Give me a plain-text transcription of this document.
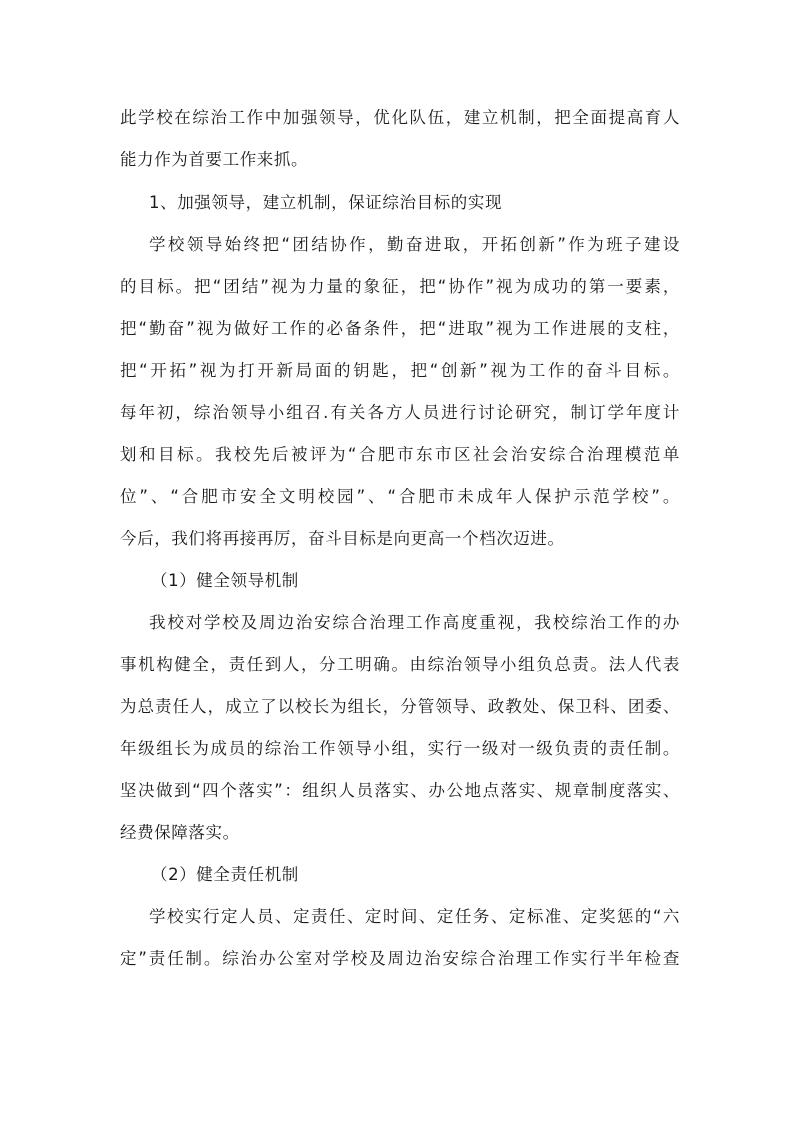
此学校在综治工作中加强领导，优化队伍，建立机制，把全面提高育人
能力作为首要工作来抓。
1、加强领导，建立机制，保证综治目标的实现
学校领导始终把“团结协作，勤奋进取，开拓创新”作为班子建设
的目标。把“团结”视为力量的象征，把“协作”视为成功的第一要素，
把“勤奋”视为做好工作的必备条件，把“进取”视为工作进展的支柱，
把“开拓”视为打开新局面的钥匙，把“创新”视为工作的奋斗目标。
每年初，综治领导小组召.有关各方人员进行讨论研究，制订学年度计
划和目标。我校先后被评为“合肥市东市区社会治安综合治理模范单
位”、“合肥市安全文明校园”、“合肥市未成年人保护示范学校”。
今后，我们将再接再厉，奋斗目标是向更高一个档次迈进。
（1）健全领导机制
我校对学校及周边治安综合治理工作高度重视，我校综治工作的办
事机构健全，责任到人，分工明确。由综治领导小组负总责。法人代表
为总责任人，成立了以校长为组长，分管领导、政教处、保卫科、团委、
年级组长为成员的综治工作领导小组，实行一级对一级负责的责任制。
坚决做到“四个落实”：组织人员落实、办公地点落实、规章制度落实、
经费保障落实。
（2）健全责任机制
学校实行定人员、定责任、定时间、定任务、定标准、定奖惩的“六
定”责任制。综治办公室对学校及周边治安综合治理工作实行半年检查
